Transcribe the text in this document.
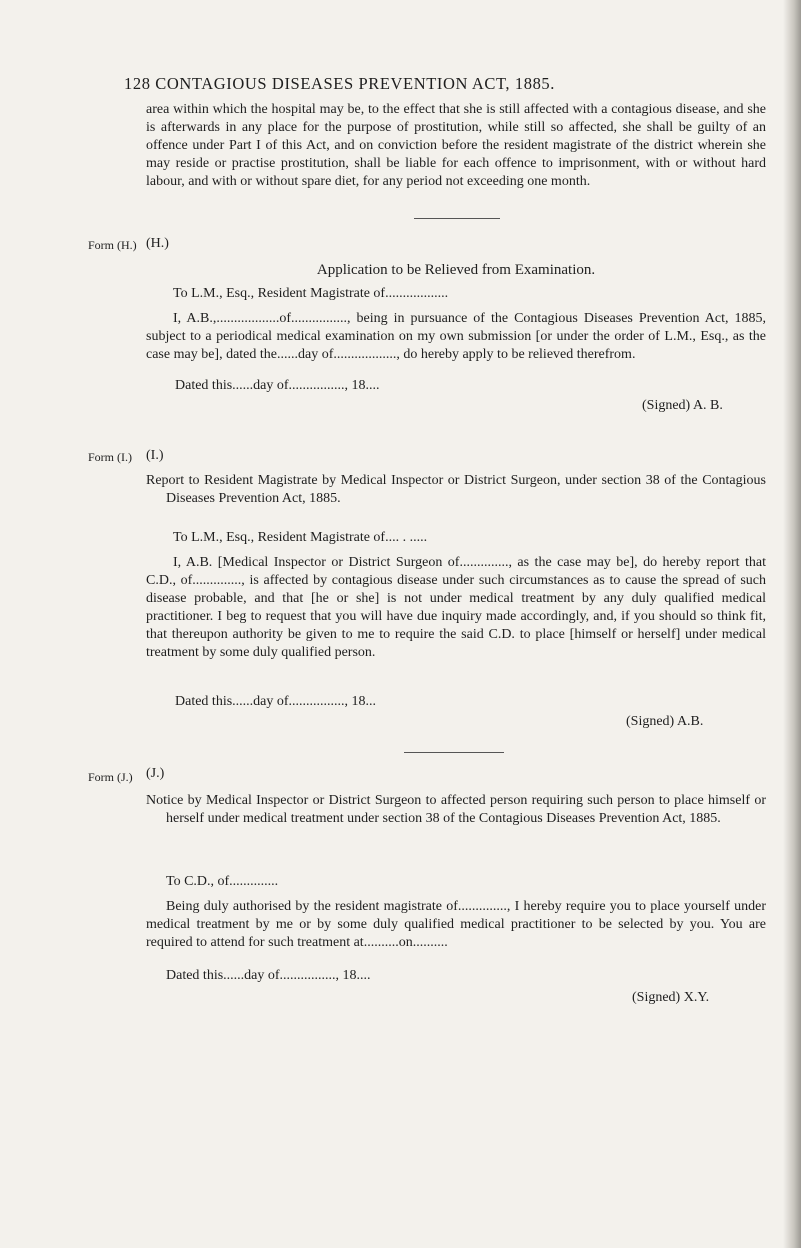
128 CONTAGIOUS DISEASES PREVENTION ACT, 1885.
area within which the hospital may be, to the effect that she is still affected with a contagious disease, and she is afterwards in any place for the purpose of prostitution, while still so affected, she shall be guilty of an offence under Part I of this Act, and on conviction before the resident magistrate of the district wherein she may reside or practise prostitution, shall be liable for each offence to imprisonment, with or without hard labour, and with or without spare diet, for any period not exceeding one month.
Form (H.) (H.)
Application to be Relieved from Examination.
To L.M., Esq., Resident Magistrate of..................
I, A.B.,..................of................, being in pursuance of the Contagious Diseases Prevention Act, 1885, subject to a periodical medical examination on my own submission [or under the order of L.M., Esq., as the case may be], dated the......day of.................., do hereby apply to be relieved therefrom.
Dated this......day of................, 18....
(Signed) A. B.
Form (I.) (I.)
Report to Resident Magistrate by Medical Inspector or District Surgeon, under section 38 of the Contagious Diseases Prevention Act, 1885.
To L.M., Esq., Resident Magistrate of.... . .....
I, A.B. [Medical Inspector or District Surgeon of.............., as the case may be], do hereby report that C.D., of.............., is affected by contagious disease under such circumstances as to cause the spread of such disease probable, and that [he or she] is not under medical treatment by any duly qualified medical practitioner. I beg to request that you will have due inquiry made accordingly, and, if you should so think fit, that thereupon authority be given to me to require the said C.D. to place [himself or herself] under medical treatment by some duly qualified person.
Dated this......day of................, 18...
(Signed) A.B.
Form (J.) (J.)
Notice by Medical Inspector or District Surgeon to affected person requiring such person to place himself or herself under medical treatment under section 38 of the Contagious Diseases Prevention Act, 1885.
To C.D., of..............
Being duly authorised by the resident magistrate of.............., I hereby require you to place yourself under medical treatment by me or by some duly qualified medical practitioner to be selected by you. You are required to attend for such treatment at..........on..........
Dated this......day of................, 18....
(Signed) X.Y.
